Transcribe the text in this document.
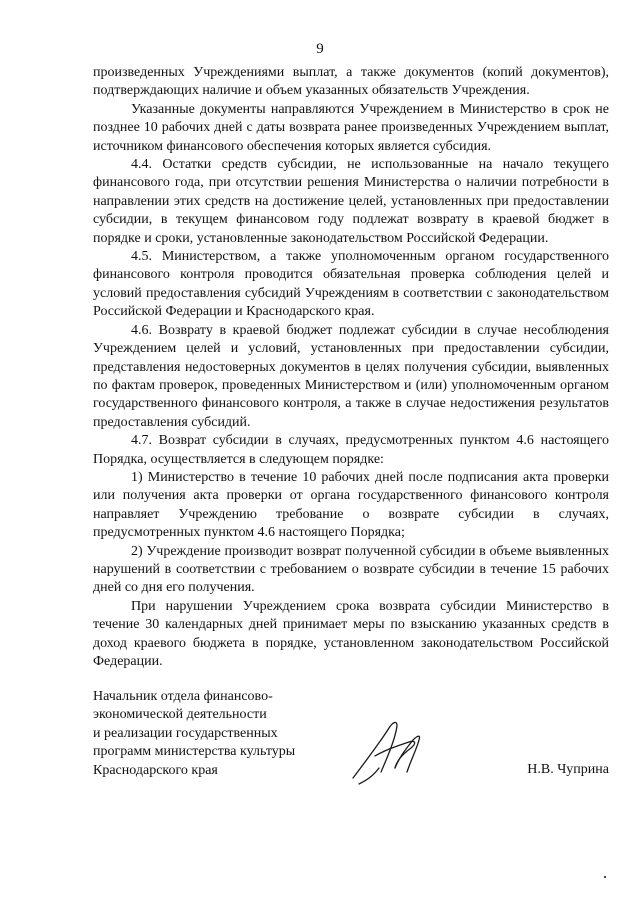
9

произведенных Учреждениями выплат, а также документов (копий документов), подтверждающих наличие и объем указанных обязательств Учреждения.

Указанные документы направляются Учреждением в Министерство в срок не позднее 10 рабочих дней с даты возврата ранее произведенных Учреждением выплат, источником финансового обеспечения которых является субсидия.

4.4. Остатки средств субсидии, не использованные на начало текущего финансового года, при отсутствии решения Министерства о наличии потребности в направлении этих средств на достижение целей, установленных при предоставлении субсидии, в текущем финансовом году подлежат возврату в краевой бюджет в порядке и сроки, установленные законодательством Российской Федерации.

4.5. Министерством, а также уполномоченным органом государственного финансового контроля проводится обязательная проверка соблюдения целей и условий предоставления субсидий Учреждениям в соответствии с законодательством Российской Федерации и Краснодарского края.

4.6. Возврату в краевой бюджет подлежат субсидии в случае несоблюдения Учреждением целей и условий, установленных при предоставлении субсидии, представления недостоверных документов в целях получения субсидии, выявленных по фактам проверок, проведенных Министерством и (или) уполномоченным органом государственного финансового контроля, а также в случае недостижения результатов предоставления субсидий.

4.7. Возврат субсидии в случаях, предусмотренных пунктом 4.6 настоящего Порядка, осуществляется в следующем порядке:

1) Министерство в течение 10 рабочих дней после подписания акта проверки или получения акта проверки от органа государственного финансового контроля направляет Учреждению требование о возврате субсидии в случаях, предусмотренных пунктом 4.6 настоящего Порядка;

2) Учреждение производит возврат полученной субсидии в объеме выявленных нарушений в соответствии с требованием о возврате субсидии в течение 15 рабочих дней со дня его получения.

При нарушении Учреждением срока возврата субсидии Министерство в течение 30 календарных дней принимает меры по взысканию указанных средств в доход краевого бюджета в порядке, установленном законодательством Российской Федерации.

Начальник отдела финансово-
экономической деятельности
и реализации государственных
программ министерства культуры
Краснодарского края	Н.В. Чуприна
